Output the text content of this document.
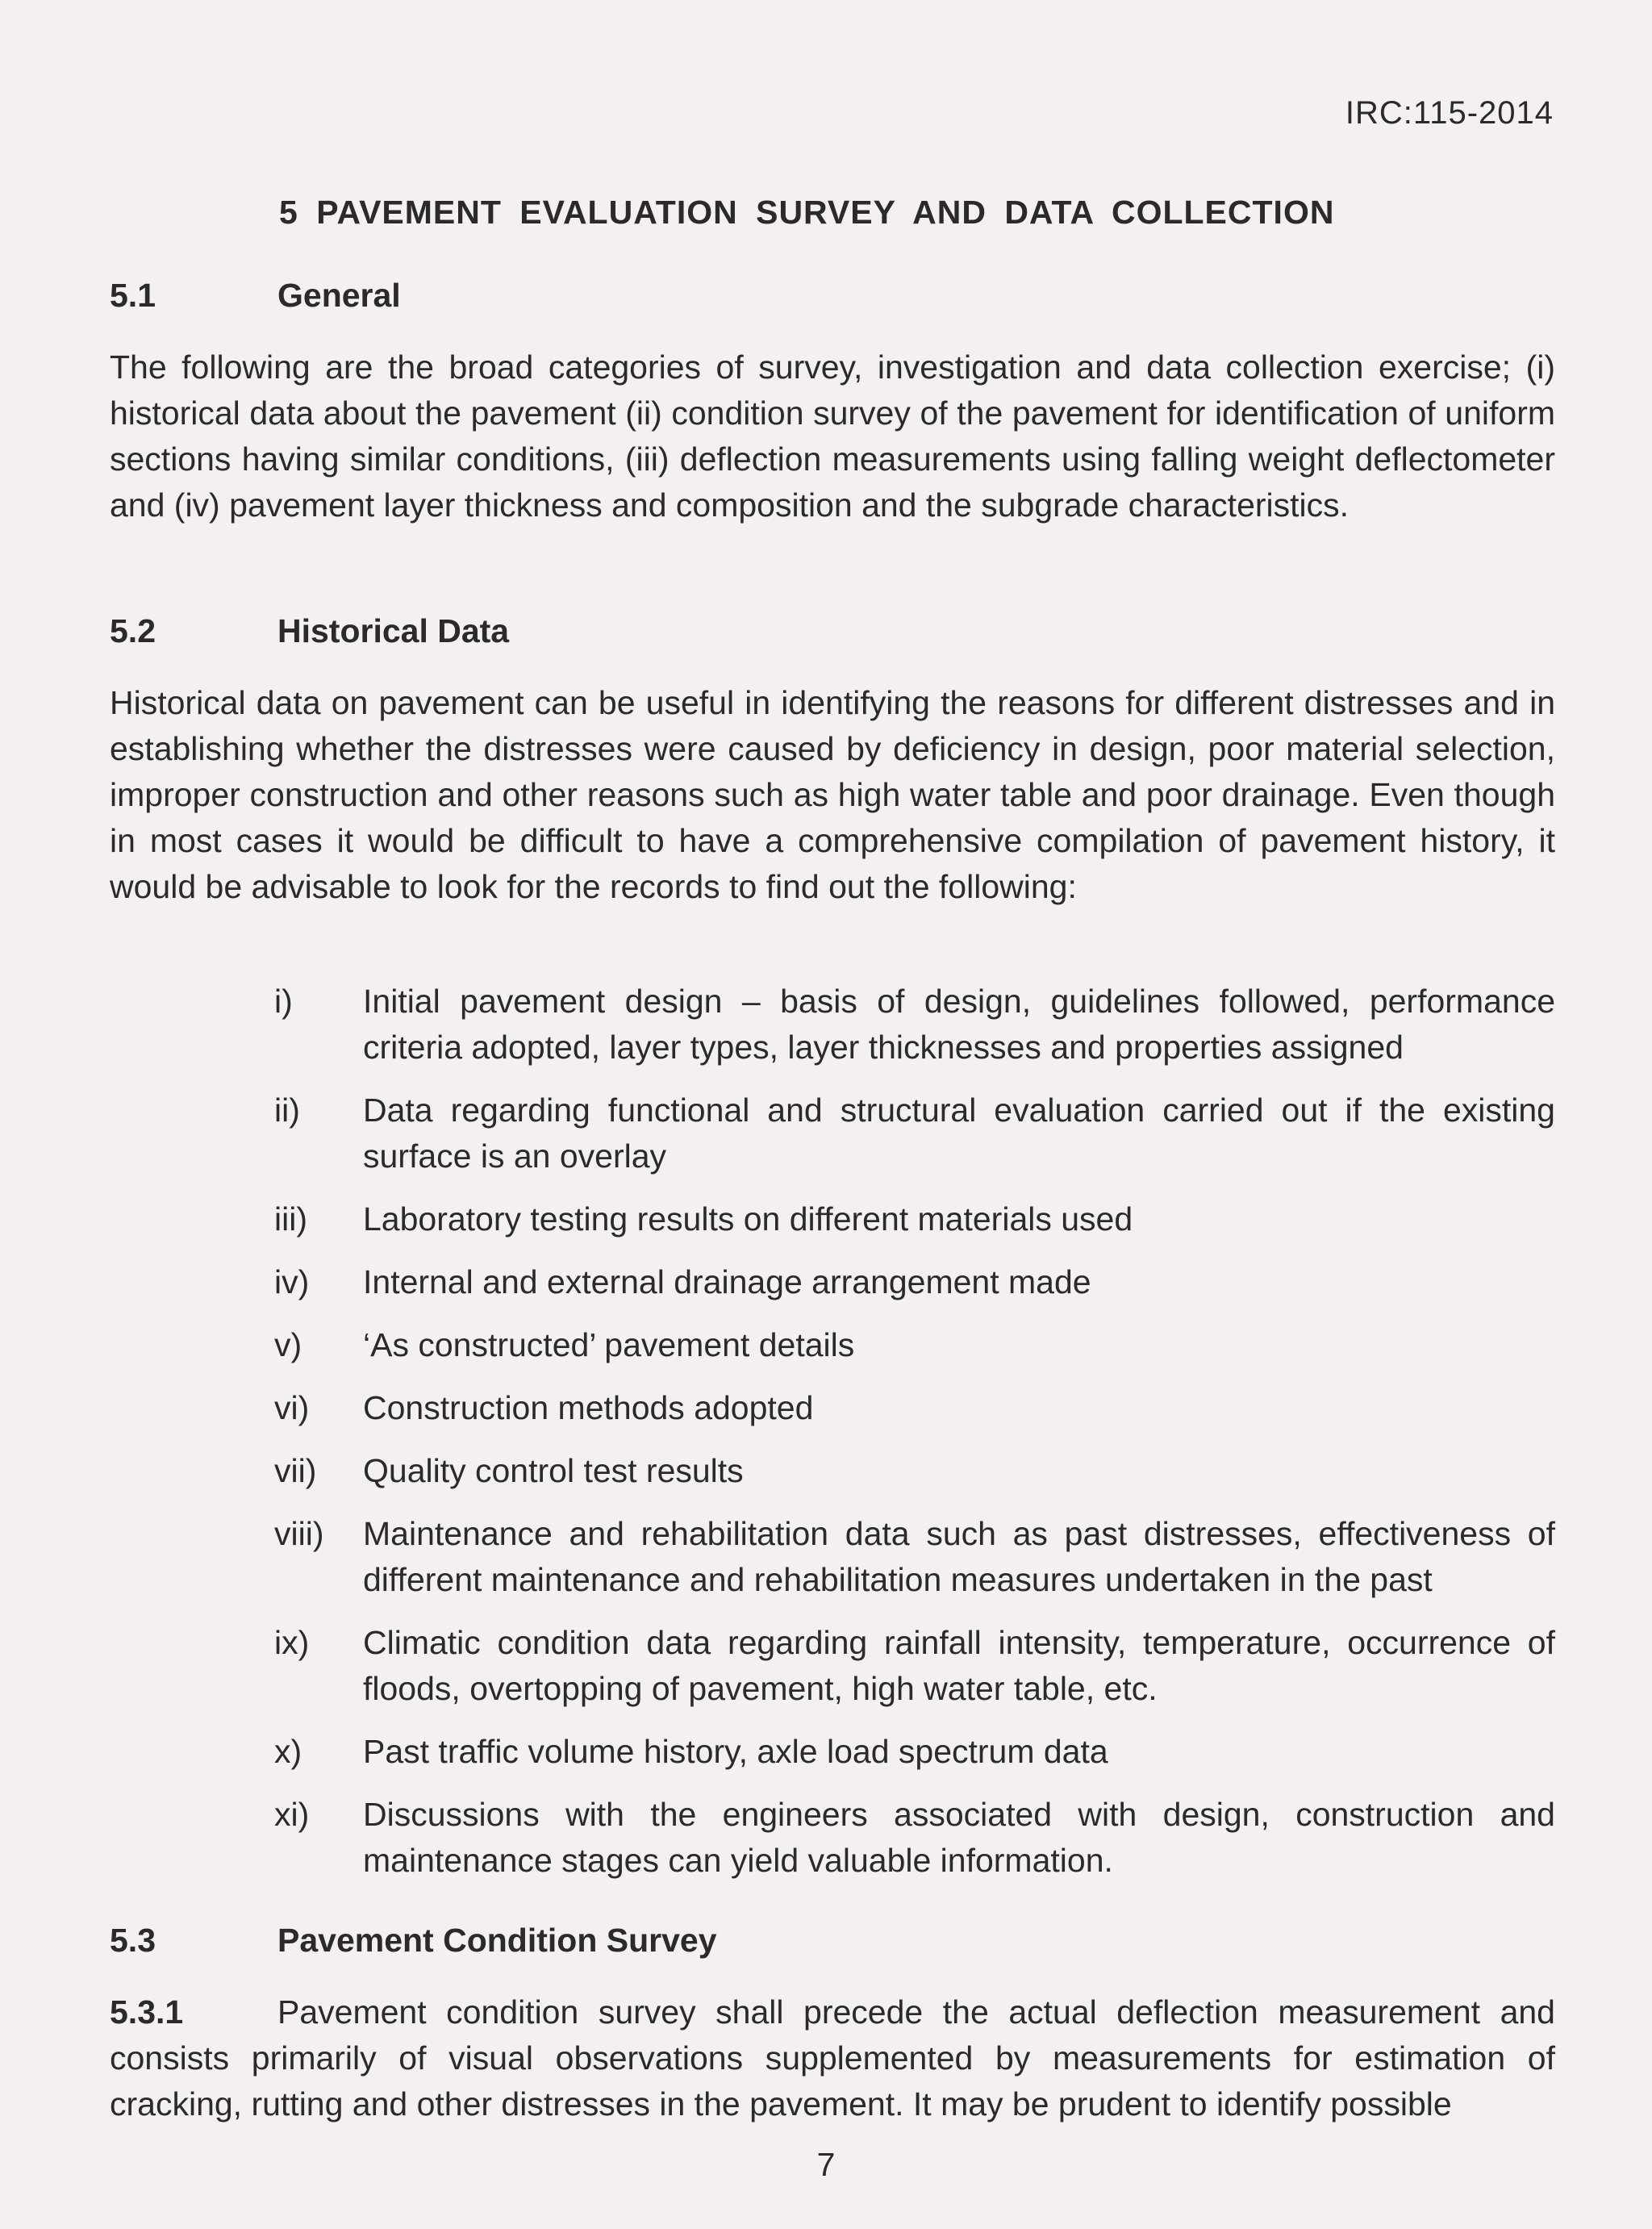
IRC:115-2014
5 PAVEMENT EVALUATION SURVEY AND DATA COLLECTION
5.1	General
The following are the broad categories of survey, investigation and data collection exercise; (i) historical data about the pavement (ii) condition survey of the pavement for identification of uniform sections having similar conditions, (iii) deflection measurements using falling weight deflectometer and (iv) pavement layer thickness and composition and the subgrade characteristics.
5.2	Historical Data
Historical data on pavement can be useful in identifying the reasons for different distresses and in establishing whether the distresses were caused by deficiency in design, poor material selection, improper construction and other reasons such as high water table and poor drainage. Even though in most cases it would be difficult to have a comprehensive compilation of pavement history, it would be advisable to look for the records to find out the following:
i)	Initial pavement design – basis of design, guidelines followed, performance criteria adopted, layer types, layer thicknesses and properties assigned
ii)	Data regarding functional and structural evaluation carried out if the existing surface is an overlay
iii)	Laboratory testing results on different materials used
iv)	Internal and external drainage arrangement made
v)	‘As constructed’ pavement details
vi)	Construction methods adopted
vii)	Quality control test results
viii)	Maintenance and rehabilitation data such as past distresses, effectiveness of different maintenance and rehabilitation measures undertaken in the past
ix)	Climatic condition data regarding rainfall intensity, temperature, occurrence of floods, overtopping of pavement, high water table, etc.
x)	Past traffic volume history, axle load spectrum data
xi)	Discussions with the engineers associated with design, construction and maintenance stages can yield valuable information.
5.3	Pavement Condition Survey
5.3.1	Pavement condition survey shall precede the actual deflection measurement and consists primarily of visual observations supplemented by measurements for estimation of cracking, rutting and other distresses in the pavement. It may be prudent to identify possible
7
